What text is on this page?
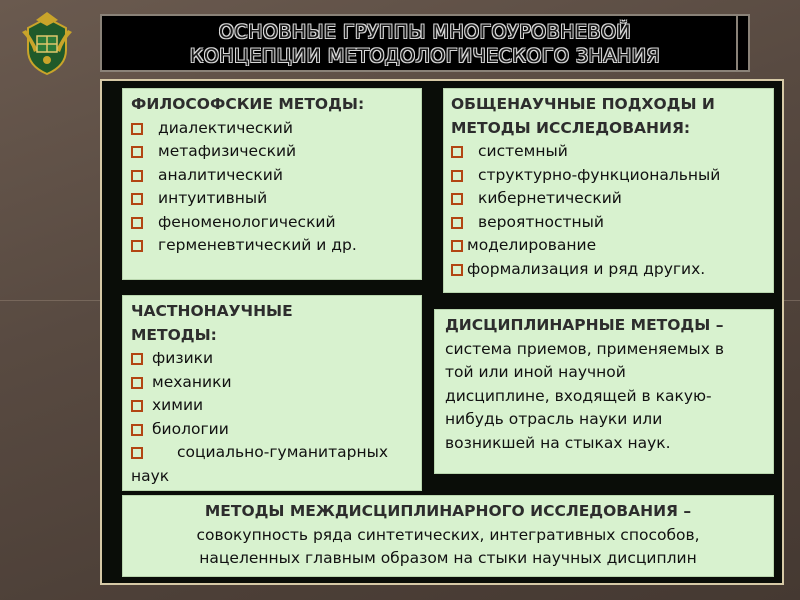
ОСНОВНЫЕ ГРУППЫ МНОГОУРОВНЕВОЙ
КОНЦЕПЦИИ МЕТОДОЛОГИЧЕСКОГО ЗНАНИЯ
ФИЛОСОФСКИЕ МЕТОДЫ:
диалектический
метафизический
аналитический
интуитивный
феноменологический
герменевтический и др.
ОБЩЕНАУЧНЫЕ ПОДХОДЫ И
МЕТОДЫ ИССЛЕДОВАНИЯ:
системный
структурно-функциональный
кибернетический
вероятностный
моделирование
формализация и ряд других.
ЧАСТНОНАУЧНЫЕ
МЕТОДЫ:
физики
механики
химии
биологии
социально-гуманитарных
наук
ДИСЦИПЛИНАРНЫЕ МЕТОДЫ –
система приемов, применяемых в
той или иной научной
дисциплине, входящей в какую-
нибудь отрасль науки или
возникшей на стыках наук.
МЕТОДЫ МЕЖДИСЦИПЛИНАРНОГО ИССЛЕДОВАНИЯ –
совокупность ряда синтетических, интегративных способов,
нацеленных главным образом на стыки научных дисциплин
